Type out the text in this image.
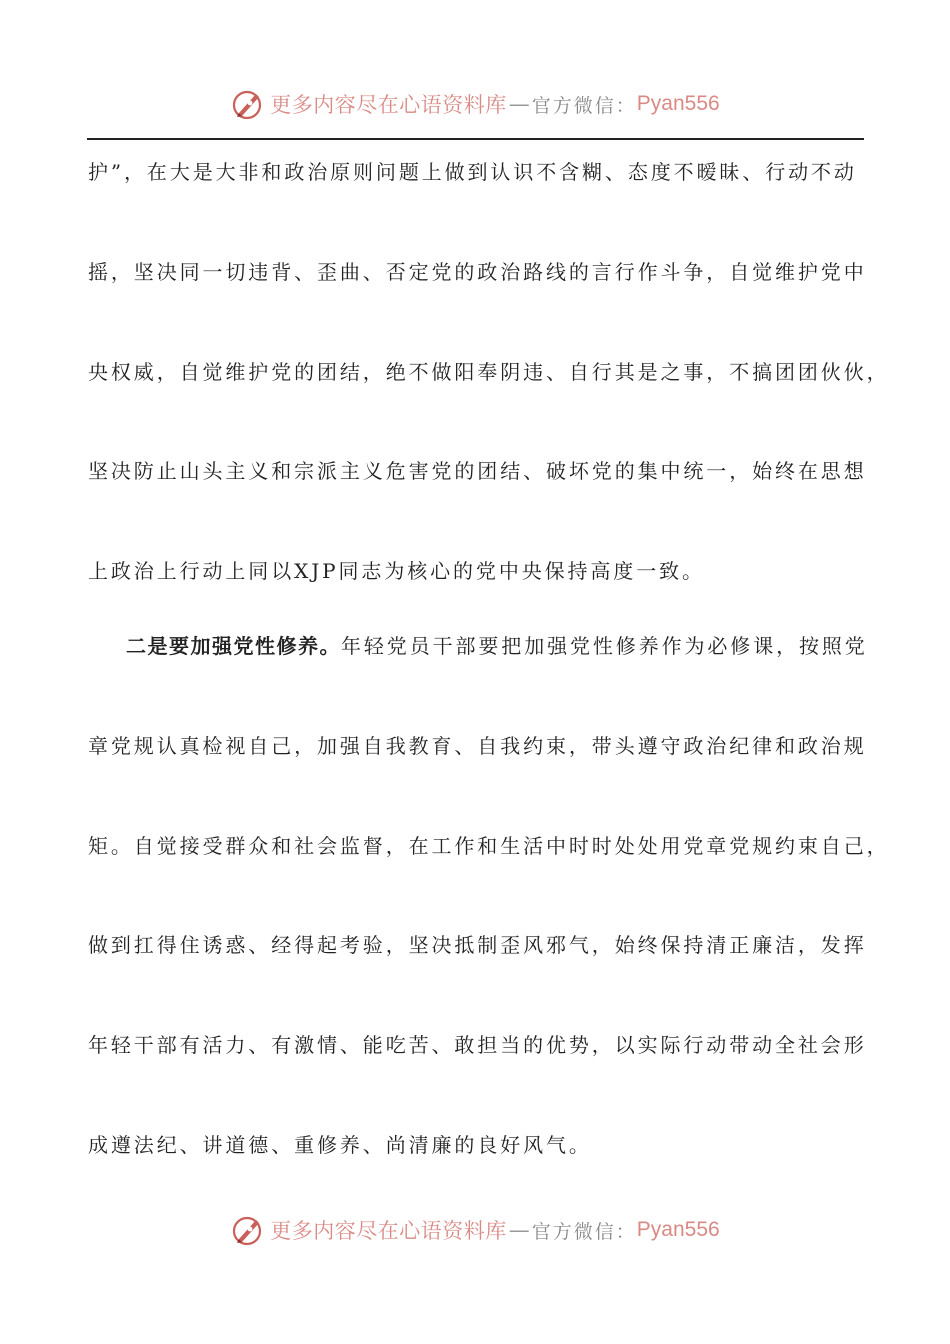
更多内容尽在心语资料库 — 官方微信： Pyan556
护”，在大是大非和政治原则问题上做到认识不含糊、态度不暧昧、行动不动
摇，坚决同一切违背、歪曲、否定党的政治路线的言行作斗争，自觉维护党中
央权威，自觉维护党的团结，绝不做阳奉阴违、自行其是之事，不搞团团伙伙，
坚决防止山头主义和宗派主义危害党的团结、破坏党的集中统一，始终在思想
上政治上行动上同以XJP同志为核心的党中央保持高度一致。
二是要加强党性修养。年轻党员干部要把加强党性修养作为必修课，按照党
章党规认真检视自己，加强自我教育、自我约束，带头遵守政治纪律和政治规
矩。自觉接受群众和社会监督，在工作和生活中时时处处用党章党规约束自己，
做到扛得住诱惑、经得起考验，坚决抵制歪风邪气，始终保持清正廉洁，发挥
年轻干部有活力、有激情、能吃苦、敢担当的优势，以实际行动带动全社会形
成遵法纪、讲道德、重修养、尚清廉的良好风气。
更多内容尽在心语资料库 — 官方微信： Pyan556
